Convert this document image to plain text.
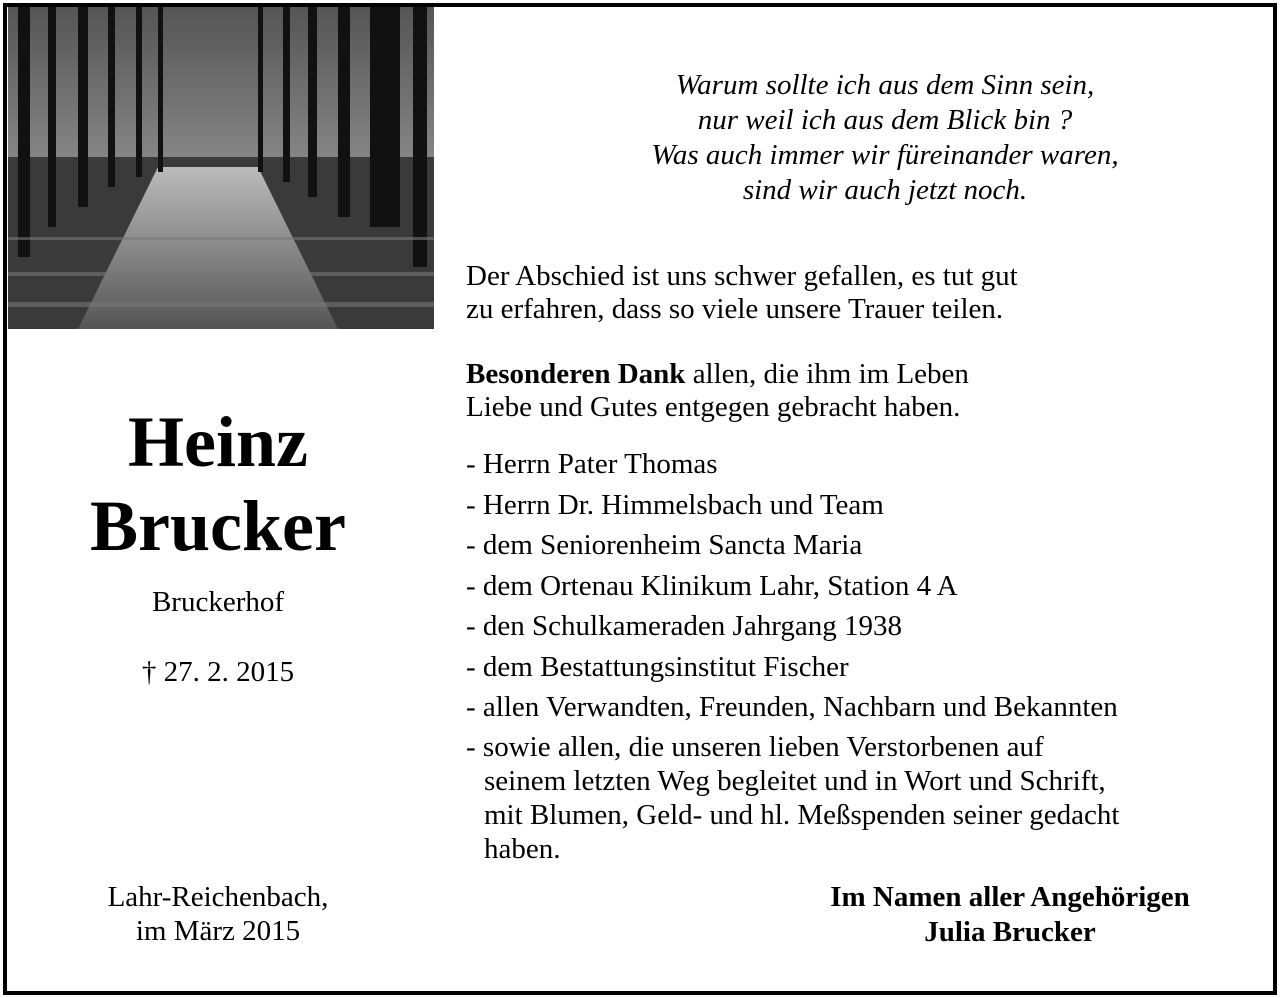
Heinz
Brucker
Bruckerhof
† 27. 2. 2015
Lahr-Reichenbach,
im März 2015
Warum sollte ich aus dem Sinn sein,
nur weil ich aus dem Blick bin ?
Was auch immer wir füreinander waren,
sind wir auch jetzt noch.
Der Abschied ist uns schwer gefallen, es tut gut
zu erfahren, dass so viele unsere Trauer teilen.
Besonderen Dank allen, die ihm im Leben
Liebe und Gutes entgegen gebracht haben.
- Herrn Pater Thomas
- Herrn Dr. Himmelsbach und Team
- dem Seniorenheim Sancta Maria
- dem Ortenau Klinikum Lahr, Station 4 A
- den Schulkameraden Jahrgang 1938
- dem Bestattungsinstitut Fischer
- allen Verwandten, Freunden, Nachbarn und Bekannten
- sowie allen, die unseren lieben Verstorbenen auf
seinem letzten Weg begleitet und in Wort und Schrift,
mit Blumen, Geld- und hl. Meßspenden seiner gedacht
haben.
Im Namen aller Angehörigen
Julia Brucker
